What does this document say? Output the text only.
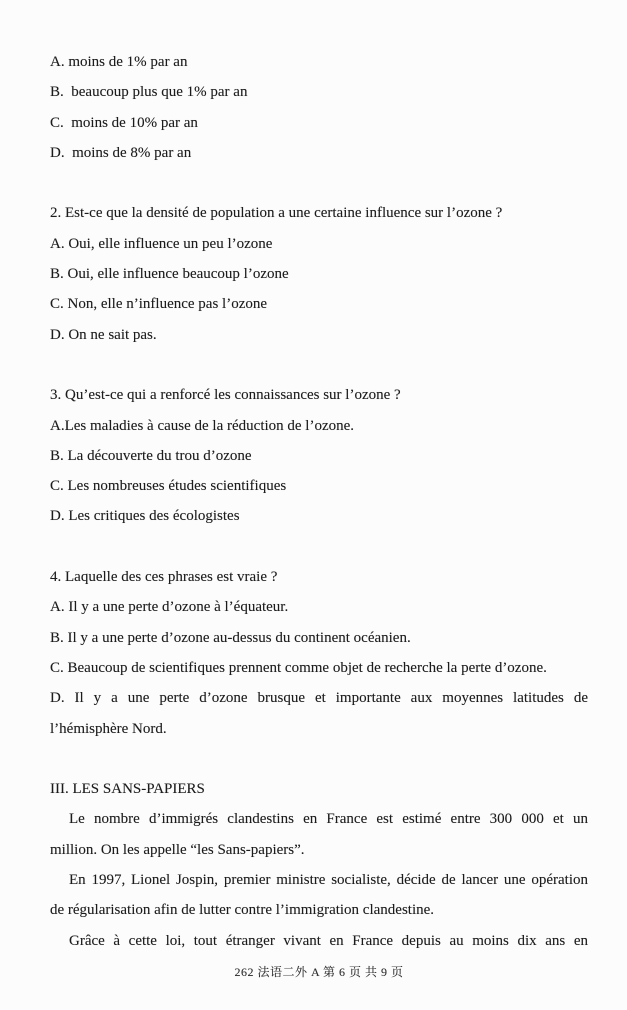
A. moins de 1% par an
B.  beaucoup plus que 1% par an
C.  moins de 10% par an
D.  moins de 8% par an
2. Est-ce que la densité de population a une certaine influence sur l’ozone ?
A. Oui, elle influence un peu l’ozone
B. Oui, elle influence beaucoup l’ozone
C. Non, elle n’influence pas l’ozone
D. On ne sait pas.
3. Qu’est-ce qui a renforcé les connaissances sur l’ozone ?
A.Les maladies à cause de la réduction de l’ozone.
B. La découverte du trou d’ozone
C. Les nombreuses études scientifiques
D. Les critiques des écologistes
4. Laquelle des ces phrases est vraie ?
A. Il y a une perte d’ozone à l’équateur.
B. Il y a une perte d’ozone au-dessus du continent océanien.
C. Beaucoup de scientifiques prennent comme objet de recherche la perte d’ozone.
D. Il y a une perte d’ozone brusque et importante aux moyennes latitudes de
l’hémisphère Nord.
III. LES SANS-PAPIERS
Le nombre d’immigrés clandestins en France est estimé entre 300 000 et un
million. On les appelle “les Sans-papiers”.
En 1997, Lionel Jospin, premier ministre socialiste, décide de lancer une opération
de régularisation afin de lutter contre l’immigration clandestine.
Grâce à cette loi, tout étranger vivant en France depuis au moins dix ans en
262 法语二外 A 第 6 页 共 9 页
